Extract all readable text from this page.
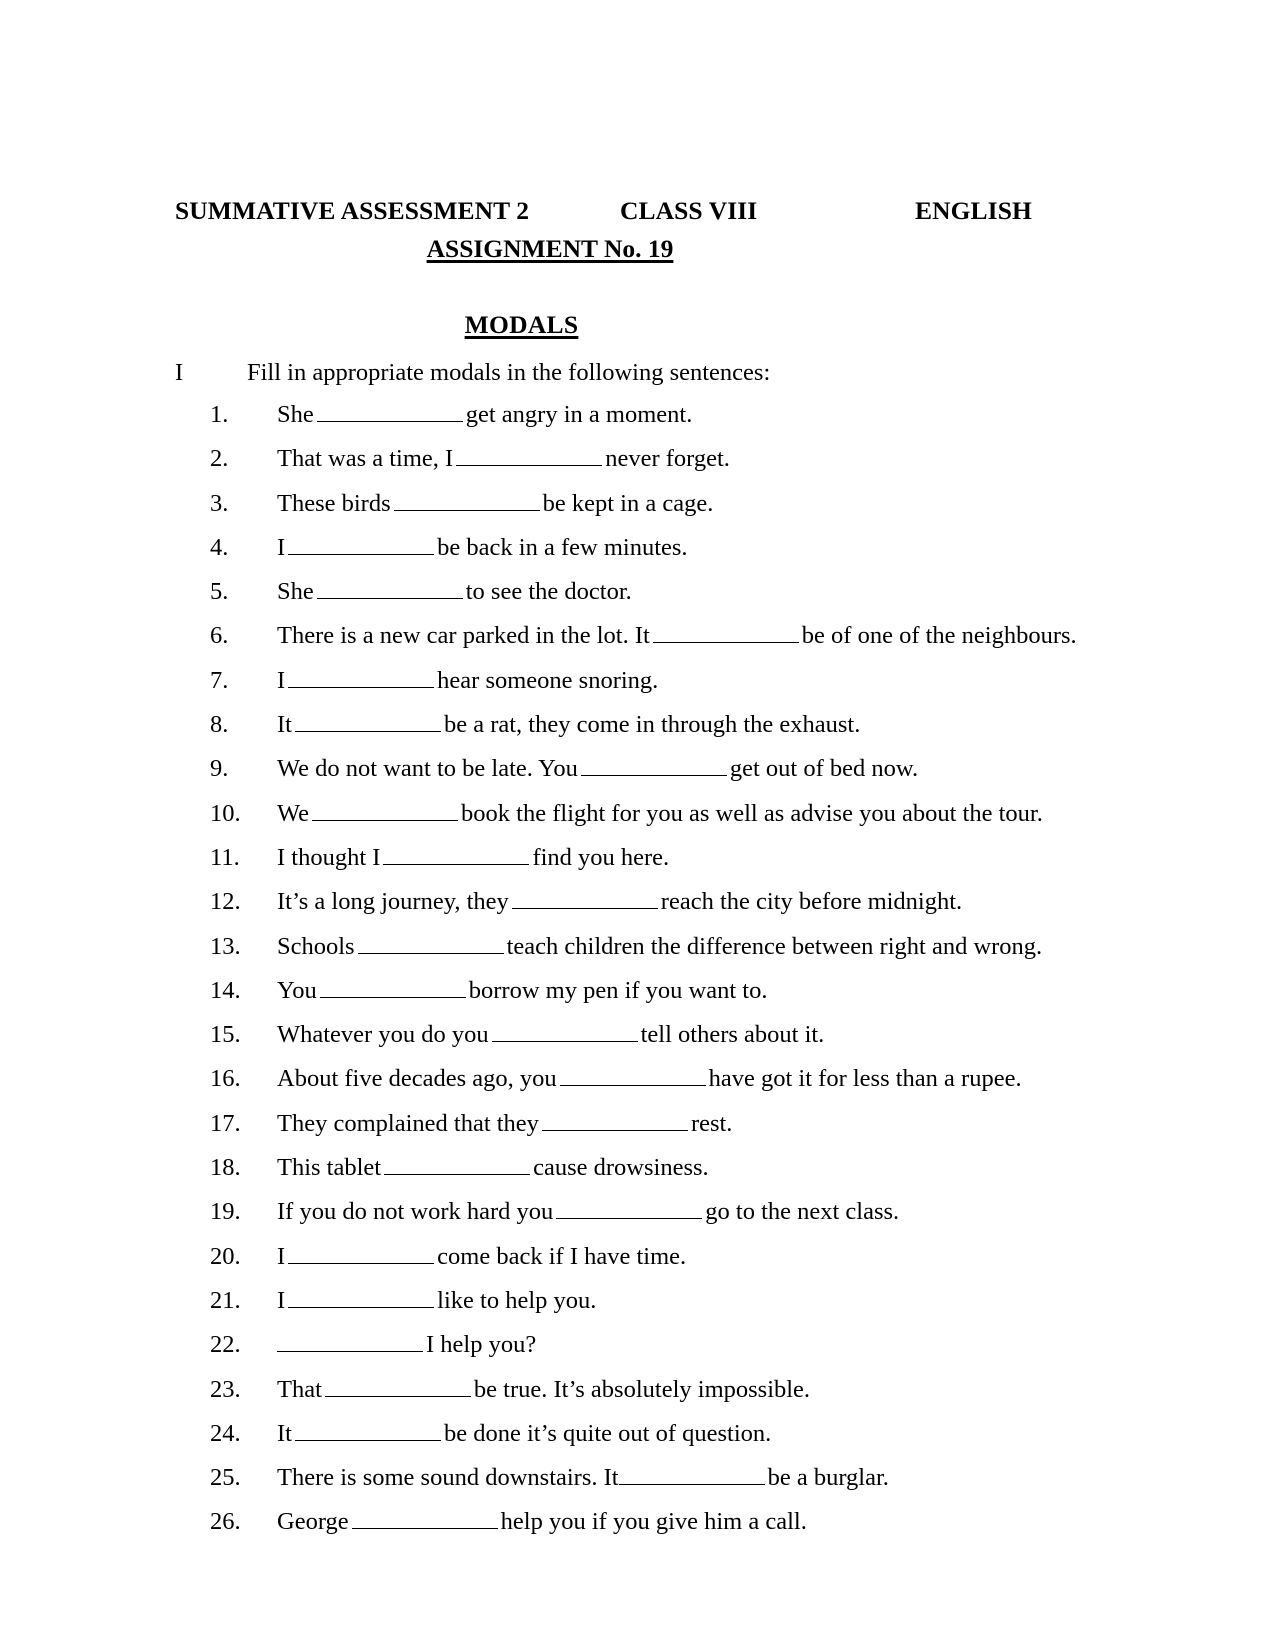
SUMMATIVE ASSESSMENT 2	CLASS VIII	ENGLISH
ASSIGNMENT No. 19
MODALS
I	Fill in appropriate modals in the following sentences:
1.	She	get angry in a moment.
2.	That was a time, I	never forget.
3.	These birds	be kept in a cage.
4.	I	be back in a few minutes.
5.	She	to see the doctor.
6.	There is a new car parked in the lot. It	be of one of the neighbours.
7.	I	hear someone snoring.
8.	It	be a rat, they come in through the exhaust.
9.	We do not want to be late. You	get out of bed now.
10.	We	book the flight for you as well as advise you about the tour.
11.	I thought I	find you here.
12.	It’s a long journey, they	reach the city before midnight.
13.	Schools	teach children the difference between right and wrong.
14.	You	borrow my pen if you want to.
15.	Whatever you do you	tell others about it.
16.	About five decades ago, you	have got it for less than a rupee.
17.	They complained that they	rest.
18.	This tablet	cause drowsiness.
19.	If you do not work hard you	go to the next class.
20.	I	come back if I have time.
21.	I	like to help you.
22.	I help you?
23.	That	be true. It’s absolutely impossible.
24.	It	be done it’s quite out of question.
25.	There is some sound downstairs. It	be a burglar.
26.	George	help you if you give him a call.
